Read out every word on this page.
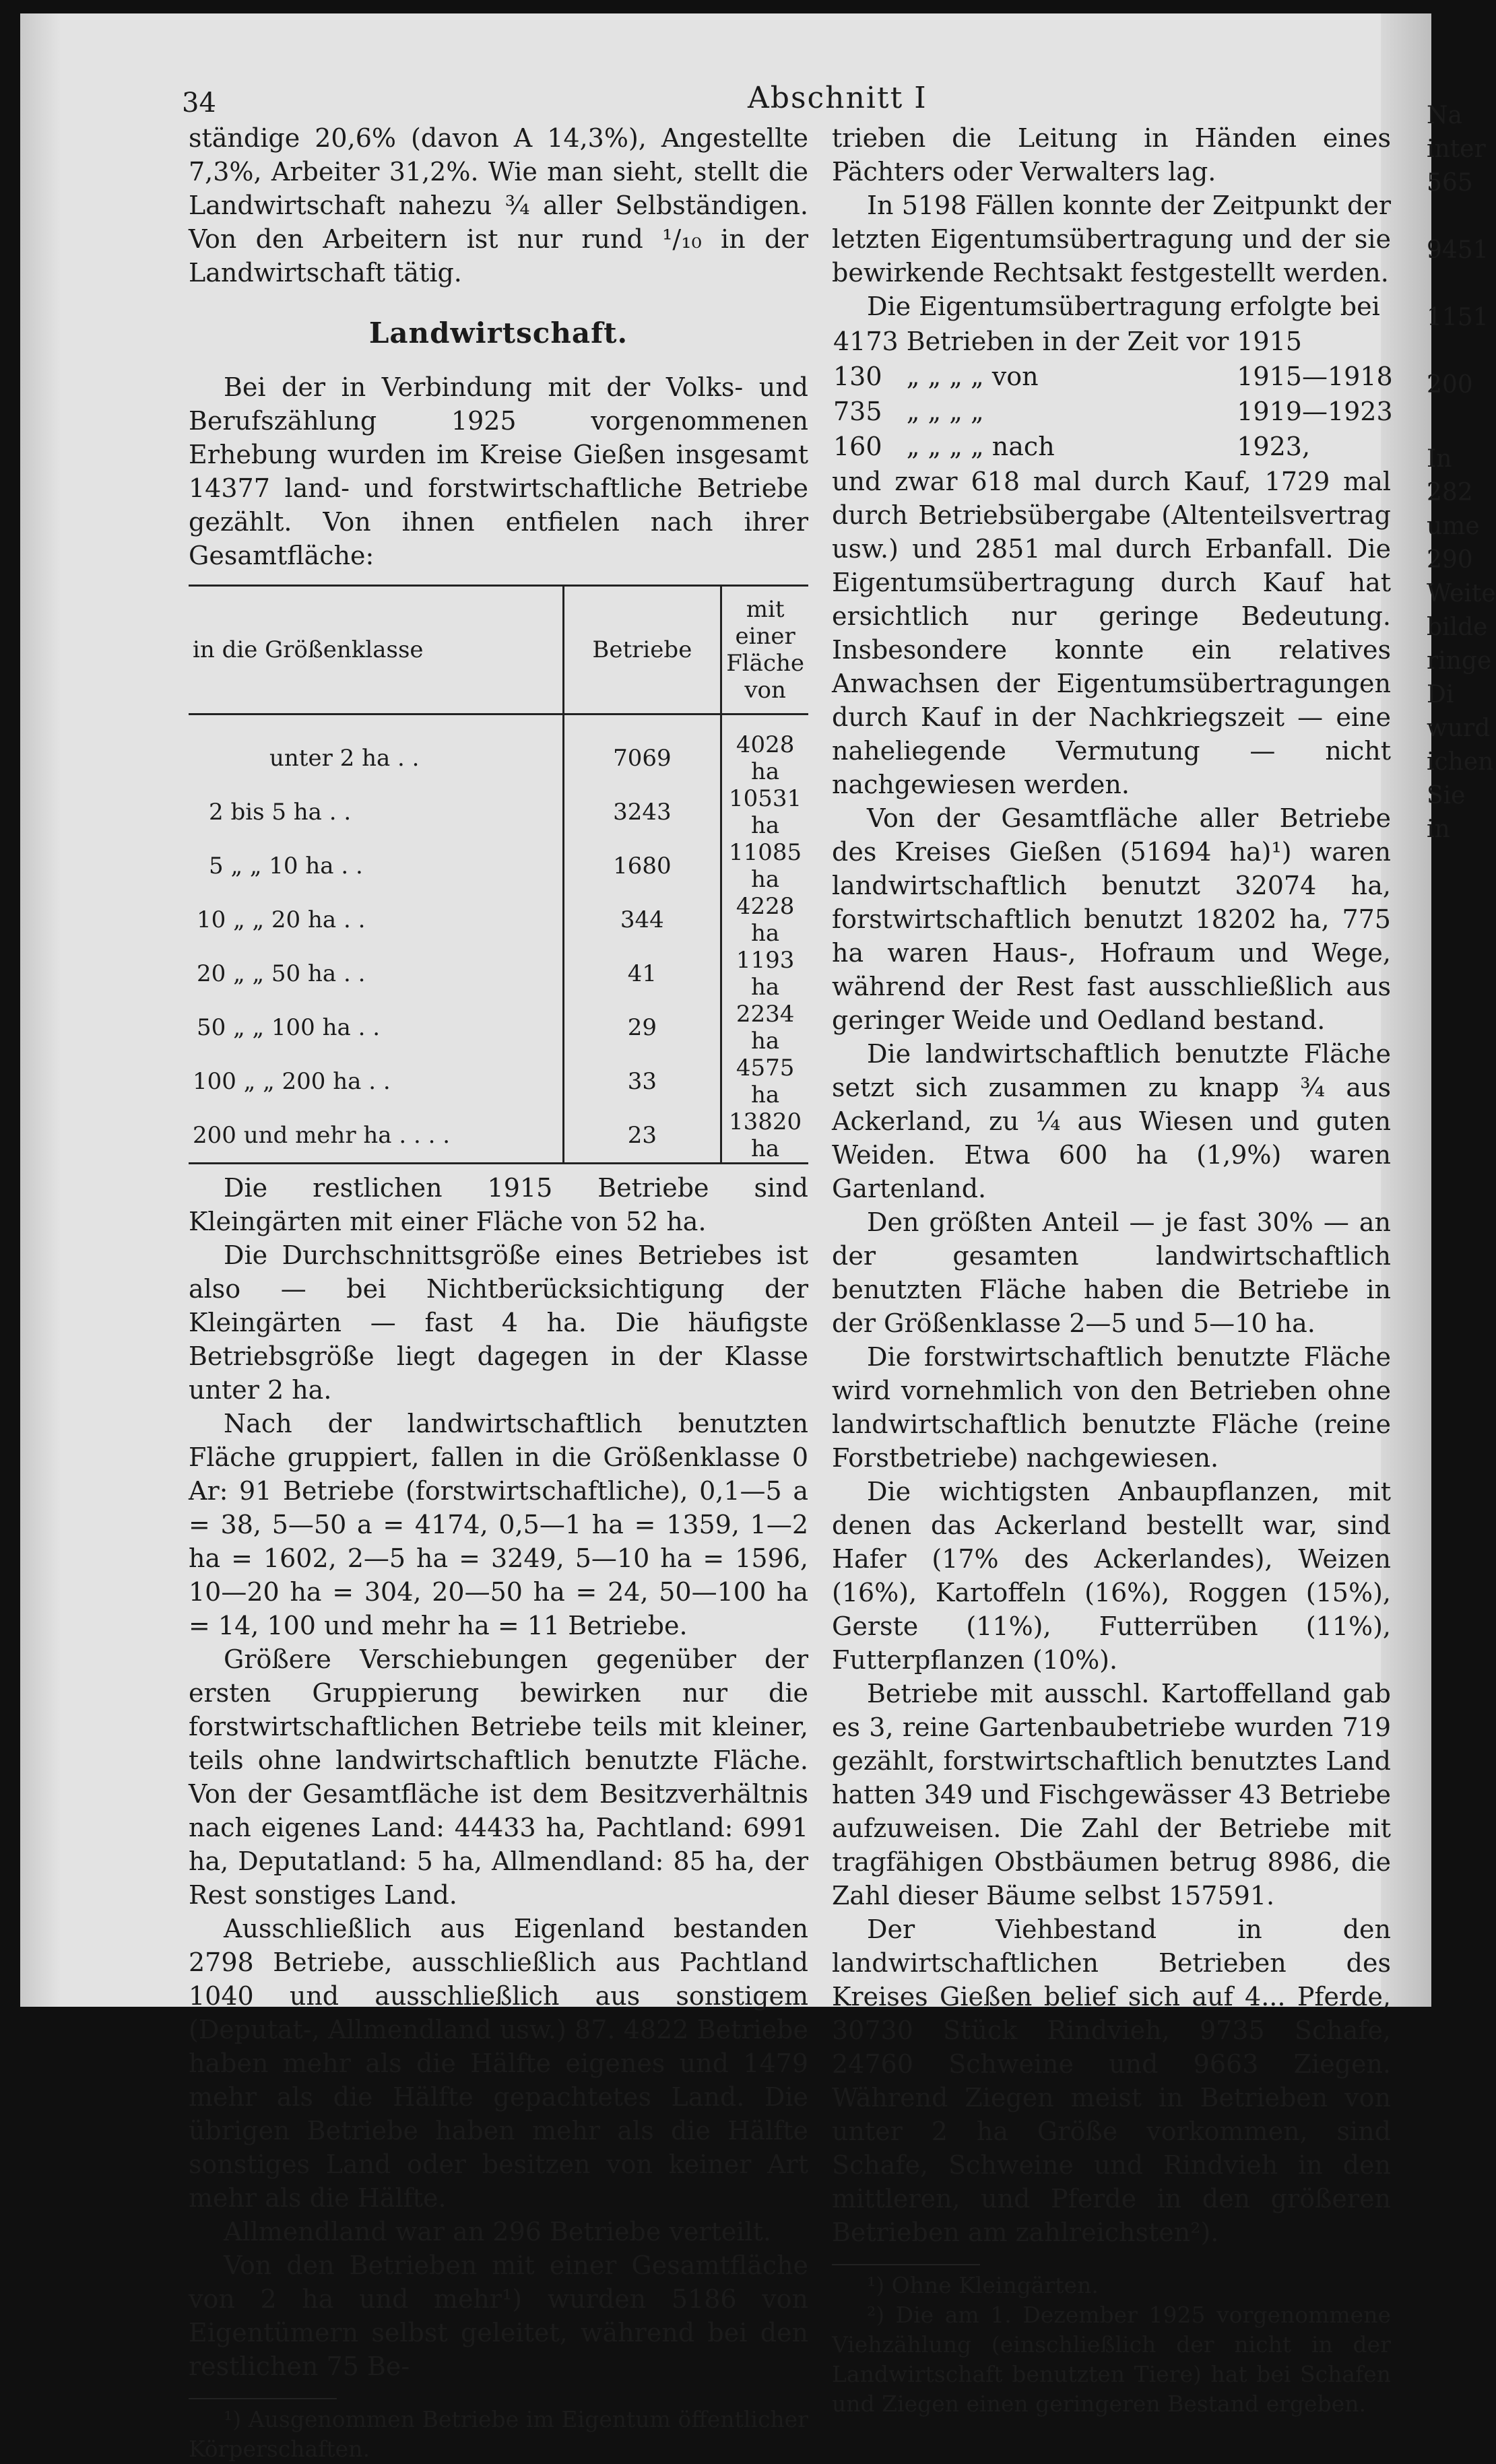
34	Abschnitt I

ständige 20,6% (davon A 14,3%), Angestellte 7,3%, Arbeiter 31,2%. Wie man sieht, stellt die Landwirtschaft nahezu ¾ aller Selbständigen. Von den Arbeitern ist nur rund ¹/₁₀ in der Landwirtschaft tätig.

Landwirtschaft.

Bei der in Verbindung mit der Volks- und Berufszählung 1925 vorgenommenen Erhebung wurden im Kreise Gießen insgesamt 14377 land- und forstwirtschaftliche Betriebe gezählt. Von ihnen entfielen nach ihrer Gesamtfläche:

in die Größenklasse	Betriebe	mit einer Fläche von
unter 2 ha . .	7069	4028 ha
2 bis 5 ha . .	3243	10531 ha
5 „ „ 10 ha . .	1680	11085 ha
10 „ „ 20 ha . .	344	4228 ha
20 „ „ 50 ha . .	41	1193 ha
50 „ „ 100 ha . .	29	2234 ha
100 „ „ 200 ha . .	33	4575 ha
200 und mehr ha . . . .	23	13820 ha

Die restlichen 1915 Betriebe sind Kleingärten mit einer Fläche von 52 ha.

Die Durchschnittsgröße eines Betriebes ist also — bei Nichtberücksichtigung der Kleingärten — fast 4 ha. Die häufigste Betriebsgröße liegt dagegen in der Klasse unter 2 ha.

Nach der landwirtschaftlich benutzten Fläche gruppiert, fallen in die Größenklasse 0 Ar: 91 Betriebe (forstwirtschaftliche), 0,1—5 a = 38, 5—50 a = 4174, 0,5—1 ha = 1359, 1—2 ha = 1602, 2—5 ha = 3249, 5—10 ha = 1596, 10—20 ha = 304, 20—50 ha = 24, 50—100 ha = 14, 100 und mehr ha = 11 Betriebe.

Größere Verschiebungen gegenüber der ersten Gruppierung bewirken nur die forstwirtschaftlichen Betriebe teils mit kleiner, teils ohne landwirtschaftlich benutzte Fläche. Von der Gesamtfläche ist dem Besitzverhältnis nach eigenes Land: 44433 ha, Pachtland: 6991 ha, Deputatland: 5 ha, Allmendland: 85 ha, der Rest sonstiges Land.

Ausschließlich aus Eigenland bestanden 2798 Betriebe, ausschließlich aus Pachtland 1040 und ausschließlich aus sonstigem (Deputat-, Allmendland usw.) 87. 4822 Betriebe haben mehr als die Hälfte eigenes und 1479 mehr als die Hälfte gepachtetes Land. Die übrigen Betriebe haben mehr als die Hälfte sonstiges Land oder besitzen von keiner Art mehr als die Hälfte.

Allmendland war an 296 Betriebe verteilt.

Von den Betrieben mit einer Gesamtfläche von 2 ha und mehr¹) wurden 5186 von Eigentümern selbst geleitet, während bei den restlichen 75 Be-

¹) Ausgenommen Betriebe im Eigentum öffentlicher Körperschaften.

trieben die Leitung in Händen eines Pächters oder Verwalters lag.

In 5198 Fällen konnte der Zeitpunkt der letzten Eigentumsübertragung und der sie bewirkende Rechtsakt festgestellt werden.

Die Eigentumsübertragung erfolgte bei

4173	Betrieben in der Zeit vor	1915
130	„ „ „ „ von	1915—1918
735	„ „ „ „	1919—1923
160	„ „ „ „ nach	1923,

und zwar 618 mal durch Kauf, 1729 mal durch Betriebsübergabe (Altenteilsvertrag usw.) und 2851 mal durch Erbanfall. Die Eigentumsübertragung durch Kauf hat ersichtlich nur geringe Bedeutung. Insbesondere konnte ein relatives Anwachsen der Eigentumsübertragungen durch Kauf in der Nachkriegszeit — eine naheliegende Vermutung — nicht nachgewiesen werden.

Von der Gesamtfläche aller Betriebe des Kreises Gießen (51694 ha)¹) waren landwirtschaftlich benutzt 32074 ha, forstwirtschaftlich benutzt 18202 ha, 775 ha waren Haus-, Hofraum und Wege, während der Rest fast ausschließlich aus geringer Weide und Oedland bestand.

Die landwirtschaftlich benutzte Fläche setzt sich zusammen zu knapp ¾ aus Ackerland, zu ¼ aus Wiesen und guten Weiden. Etwa 600 ha (1,9%) waren Gartenland.

Den größten Anteil — je fast 30% — an der gesamten landwirtschaftlich benutzten Fläche haben die Betriebe in der Größenklasse 2—5 und 5—10 ha.

Die forstwirtschaftlich benutzte Fläche wird vornehmlich von den Betrieben ohne landwirtschaftlich benutzte Fläche (reine Forstbetriebe) nachgewiesen.

Die wichtigsten Anbaupflanzen, mit denen das Ackerland bestellt war, sind Hafer (17% des Ackerlandes), Weizen (16%), Kartoffeln (16%), Roggen (15%), Gerste (11%), Futterrüben (11%), Futterpflanzen (10%).

Betriebe mit ausschl. Kartoffelland gab es 3, reine Gartenbaubetriebe wurden 719 gezählt, forstwirtschaftlich benutztes Land hatten 349 und Fischgewässer 43 Betriebe aufzuweisen. Die Zahl der Betriebe mit tragfähigen Obstbäumen betrug 8986, die Zahl dieser Bäume selbst 157591.

Der Viehbestand in den landwirtschaftlichen Betrieben des Kreises Gießen belief sich auf 4... Pferde, 30730 Stück Rindvieh, 9735 Schafe, 24760 Schweine und 9663 Ziegen. Während Ziegen meist in Betrieben von unter 2 ha Größe vorkommen, sind Schafe, Schweine und Rindvieh in den mittleren, und Pferde in den größeren Betrieben am zahlreichsten²).

¹) Ohne Kleingärten.

²) Die am 1. Dezember 1925 vorgenommene Viehzählung (einschließlich der nicht in der Landwirtschaft benutzten Tiere) hat bei Schafen und Ziegen einen geringeren Bestand ergeben.

Na
inter
565
9451
1151
200
In
282
ume
290
Weite
bilde
ringe
Di
wurd
ichen
Sie
in
